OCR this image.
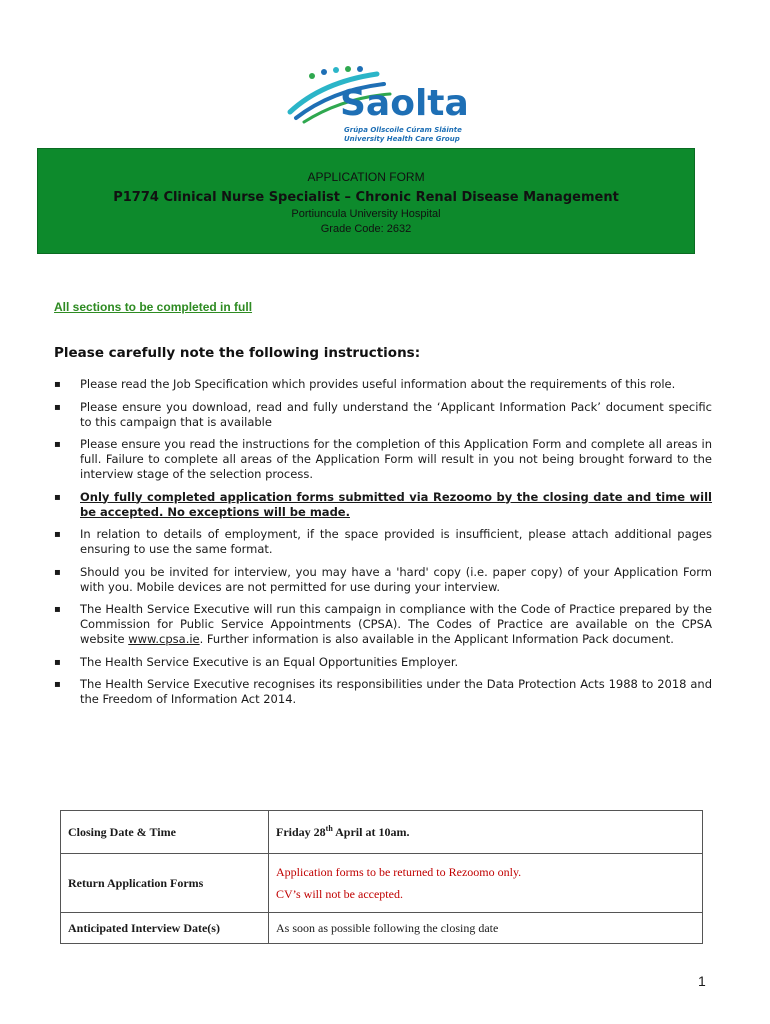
Saolta
Grúpa Ollscoile Cúram Sláinte
University Health Care Group
APPLICATION FORM
P1774 Clinical Nurse Specialist – Chronic Renal Disease Management
Portiuncula University Hospital
Grade Code: 2632
All sections to be completed in full
Please carefully note the following instructions:
▪ Please read the Job Specification which provides useful information about the requirements of this role.
▪ Please ensure you download, read and fully understand the ‘Applicant Information Pack’ document specific to this campaign that is available
▪ Please ensure you read the instructions for the completion of this Application Form and complete all areas in full. Failure to complete all areas of the Application Form will result in you not being brought forward to the interview stage of the selection process.
▪ Only fully completed application forms submitted via Rezoomo by the closing date and time will be accepted. No exceptions will be made.
▪ In relation to details of employment, if the space provided is insufficient, please attach additional pages ensuring to use the same format.
▪ Should you be invited for interview, you may have a 'hard' copy (i.e. paper copy) of your Application Form with you. Mobile devices are not permitted for use during your interview.
▪ The Health Service Executive will run this campaign in compliance with the Code of Practice prepared by the Commission for Public Service Appointments (CPSA). The Codes of Practice are available on the CPSA website www.cpsa.ie. Further information is also available in the Applicant Information Pack document.
▪ The Health Service Executive is an Equal Opportunities Employer.
▪ The Health Service Executive recognises its responsibilities under the Data Protection Acts 1988 to 2018 and the Freedom of Information Act 2014.
Closing Date & Time	Friday 28th April at 10am.
Return Application Forms	Application forms to be returned to Rezoomo only.
CV’s will not be accepted.

Anticipated Interview Date(s)	As soon as possible following the closing date
1
